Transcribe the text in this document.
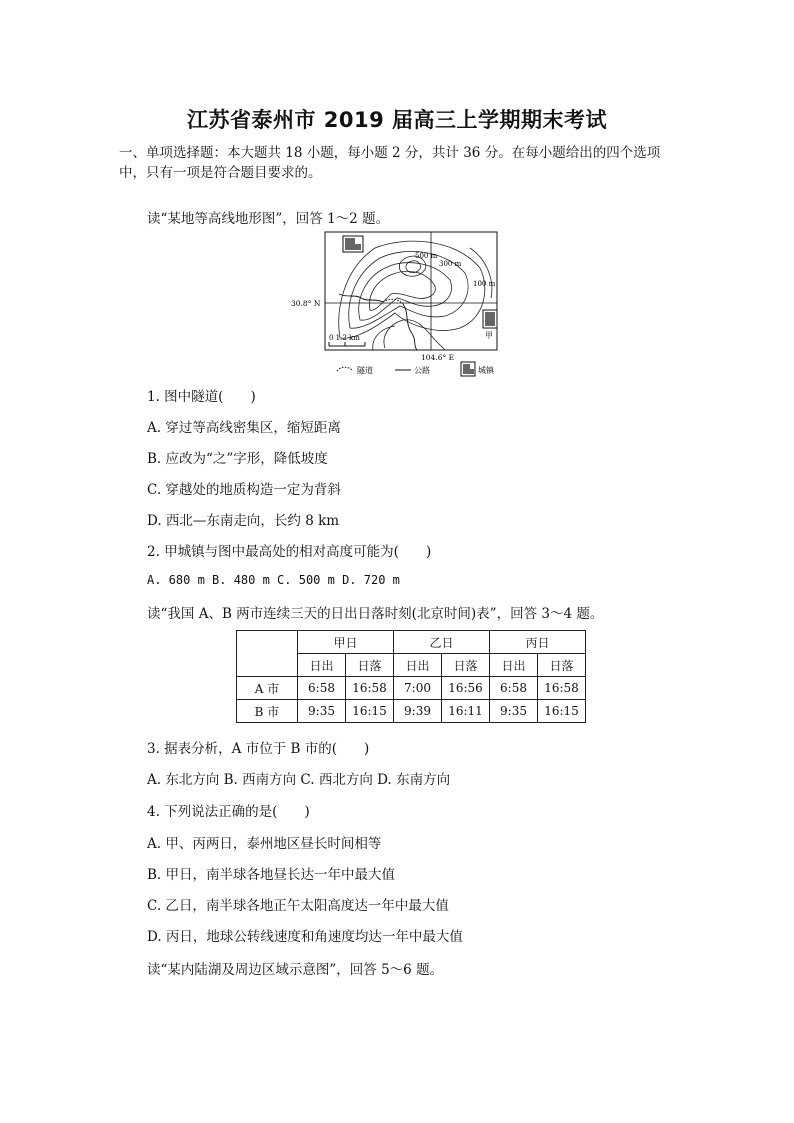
江苏省泰州市 2019 届高三上学期期末考试
一、单项选择题：本大题共 18 小题，每小题 2 分，共计 36 分。在每小题给出的四个选项中，只有一项是符合题目要求的。
读“某地等高线地形图”，回答 1～2 题。
甲
500 m
300 m
100 m
30.8° N
104.6° E
0 1.2 km
隧道	公路	城镇
1. 图中隧道(　　)
A. 穿过等高线密集区，缩短距离
B. 应改为“之”字形，降低坡度
C. 穿越处的地质构造一定为背斜
D. 西北—东南走向，长约 8 km
2. 甲城镇与图中最高处的相对高度可能为(　　)
A. 680 m B. 480 m C. 500 m D. 720 m
读“我国 A、B 两市连续三天的日出日落时刻(北京时间)表”，回答 3～4 题。
	甲日		乙日		丙日	
	日出	日落	日出	日落	日出	日落
A 市	6:58	16:58	7:00	16:56	6:58	16:58
B 市	9:35	16:15	9:39	16:11	9:35	16:15
3. 据表分析，A 市位于 B 市的(　　)
A. 东北方向 B. 西南方向 C. 西北方向 D. 东南方向
4. 下列说法正确的是(　　)
A. 甲、丙两日，泰州地区昼长时间相等
B. 甲日，南半球各地昼长达一年中最大值
C. 乙日，南半球各地正午太阳高度达一年中最大值
D. 丙日，地球公转线速度和角速度均达一年中最大值
读“某内陆湖及周边区域示意图”，回答 5～6 题。
